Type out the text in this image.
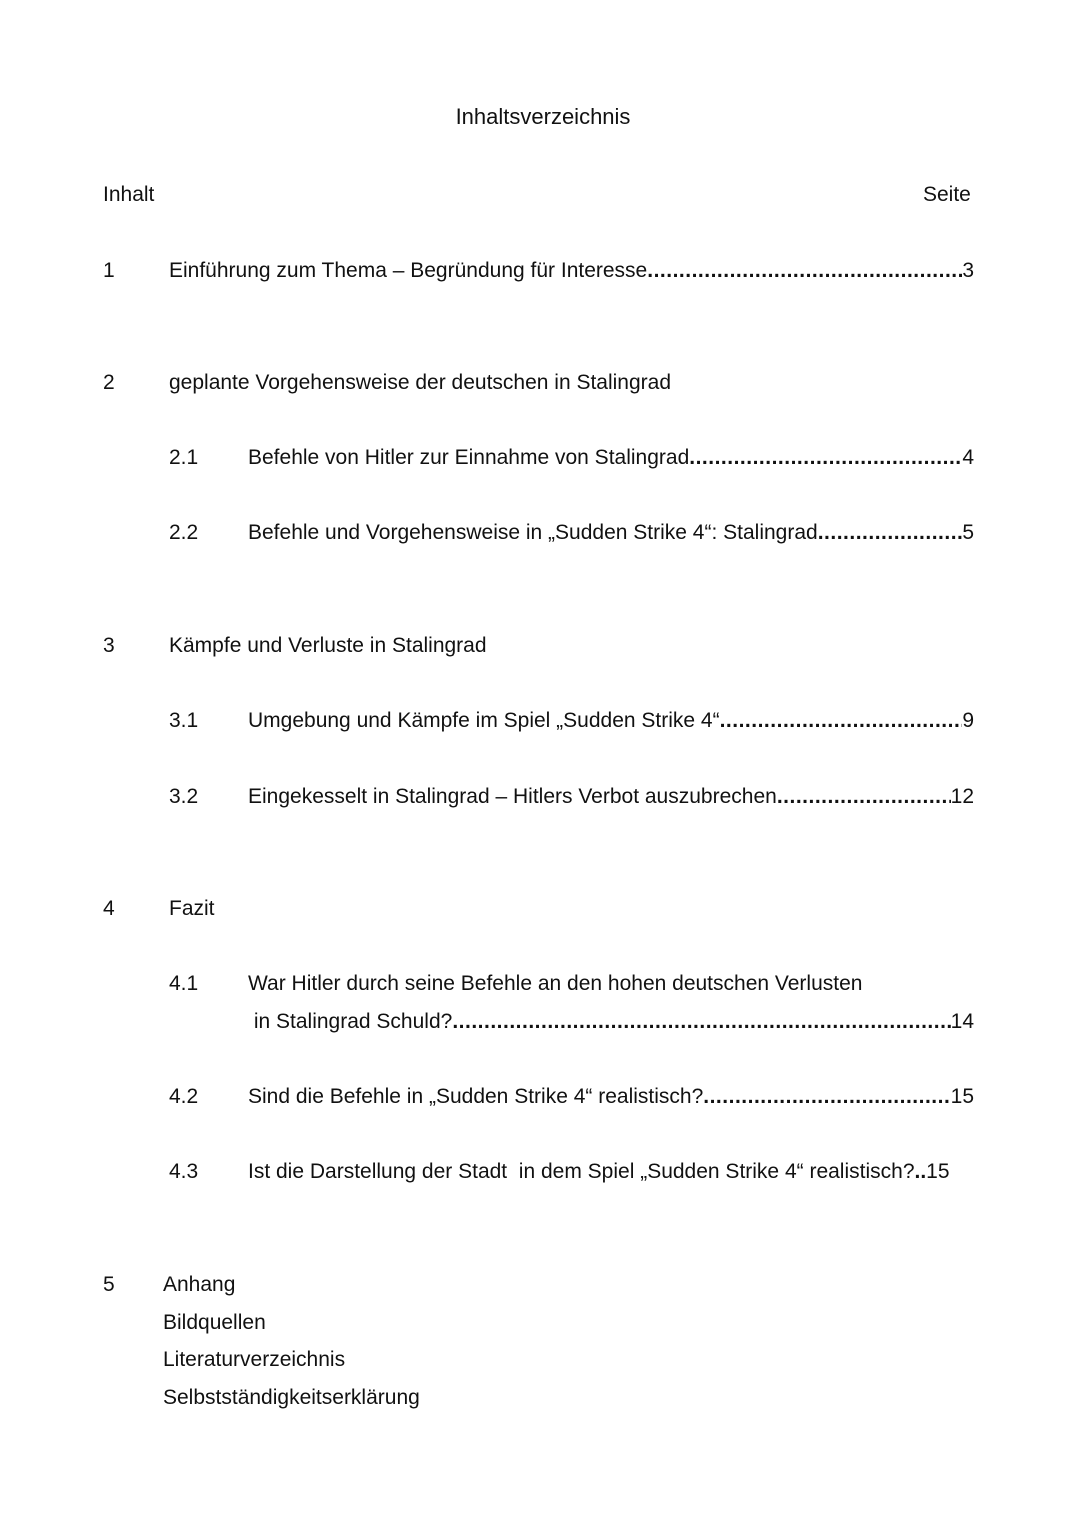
Inhaltsverzeichnis
Inhalt	Seite
1	Einführung zum Thema – Begründung für Interesse .....	3
2	geplante Vorgehensweise der deutschen in Stalingrad
2.1 Befehle von Hitler zur Einnahme von Stalingrad .....	4
2.2 Befehle und Vorgehensweise in „Sudden Strike 4“: Stalingrad .....	5
3	Kämpfe und Verluste in Stalingrad
3.1 Umgebung und Kämpfe im Spiel „Sudden Strike 4“ .....	9
3.2 Eingekesselt in Stalingrad – Hitlers Verbot auszubrechen .....	12
4	Fazit
4.1 War Hitler durch seine Befehle an den hohen deutschen Verlusten
in Stalingrad Schuld? .....	14
4.2 Sind die Befehle in „Sudden Strike 4“ realistisch? .....	15
4.3 Ist die Darstellung der Stadt  in dem Spiel „Sudden Strike 4“ realistisch?..15
5 Anhang
Bildquellen
Literaturverzeichnis
Selbstständigkeitserklärung
